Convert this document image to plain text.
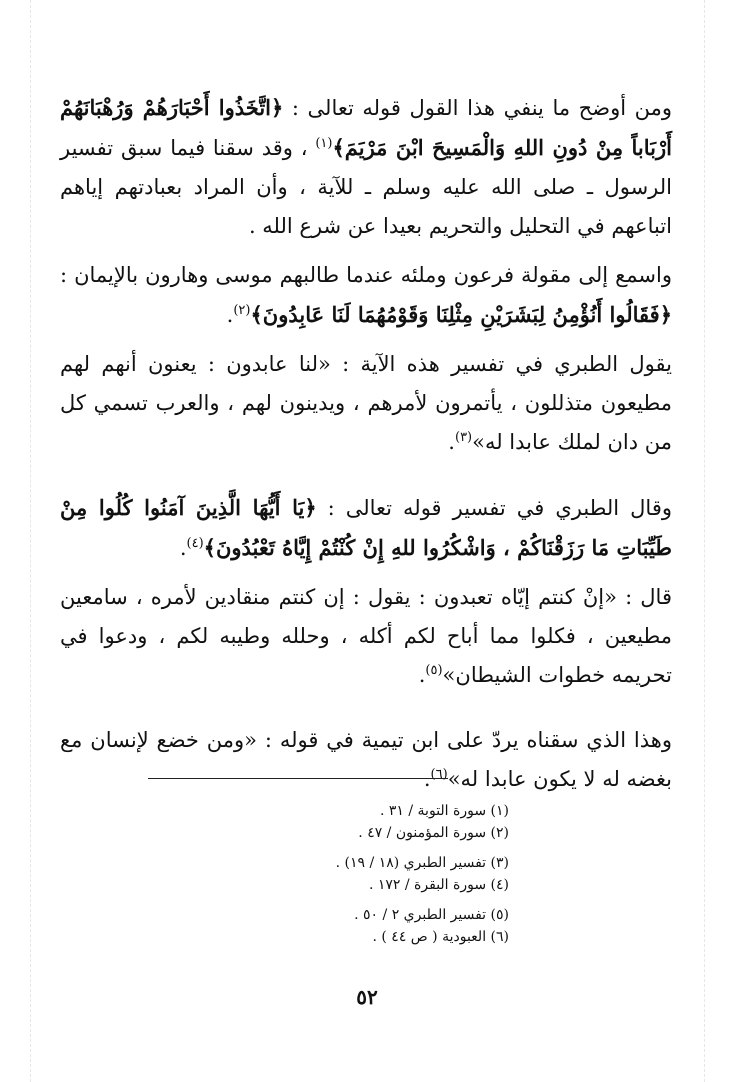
ومن أوضح ما ينفي هذا القول قوله تعالى : ﴿اتَّخَذُوا أَحْبَارَهُمْ وَرُهْبَانَهُمْ أَرْبَاباً مِنْ دُونِ اللهِ وَالْمَسِيحَ ابْنَ مَرْيَمَ﴾$^{(١)}$ ، وقد سقنا فيما سبق تفسير الرسول ـ صلى الله عليه وسلم ـ للآية ، وأن المراد بعبادتهم إياهم اتباعهم في التحليل والتحريم بعيدا عن شرع الله .

واسمع إلى مقولة فرعون وملئه عندما طالبهم موسى وهارون بالإيمان : ﴿فَقَالُوا أَنُؤْمِنُ لِبَشَرَيْنِ مِثْلِنَا وَقَوْمُهُمَا لَنَا عَابِدُونَ﴾$^{(٢)}$.

يقول الطبري في تفسير هذه الآية : «لنا عابدون : يعنون أنهم لهم مطيعون متذللون ، يأتمرون لأمرهم ، ويدينون لهم ، والعرب تسمي كل من دان لملك عابدا له»$^{(٣)}$.

وقال الطبري في تفسير قوله تعالى : ﴿يَا أَيُّهَا الَّذِينَ آمَنُوا كُلُوا مِنْ طَيِّبَاتِ مَا رَزَقْنَاكُمْ ، وَاشْكُرُوا للهِ إِنْ كُنْتُمْ إِيَّاهُ تَعْبُدُونَ﴾$^{(٤)}$.

قال : «إنْ كنتم إيّاه تعبدون : يقول : إن كنتم منقادين لأمره ، سامعين مطيعين ، فكلوا مما أباح لكم أكله ، وحلله وطيبه لكم ، ودعوا في تحريمه خطوات الشيطان»$^{(٥)}$.

وهذا الذي سقناه يردّ على ابن تيمية في قوله : «ومن خضع لإنسان مع بغضه له لا يكون عابدا له»$^{(٦)}$.

(١) سورة التوبة / ٣١ .
(٢) سورة المؤمنون / ٤٧ .
(٣) تفسير الطبري (١٨ / ١٩) .
(٤) سورة البقرة / ١٧٢ .
(٥) تفسير الطبري ٢ / ٥٠ .
(٦) العبودية ( ص ٤٤ ) .
٥٢
